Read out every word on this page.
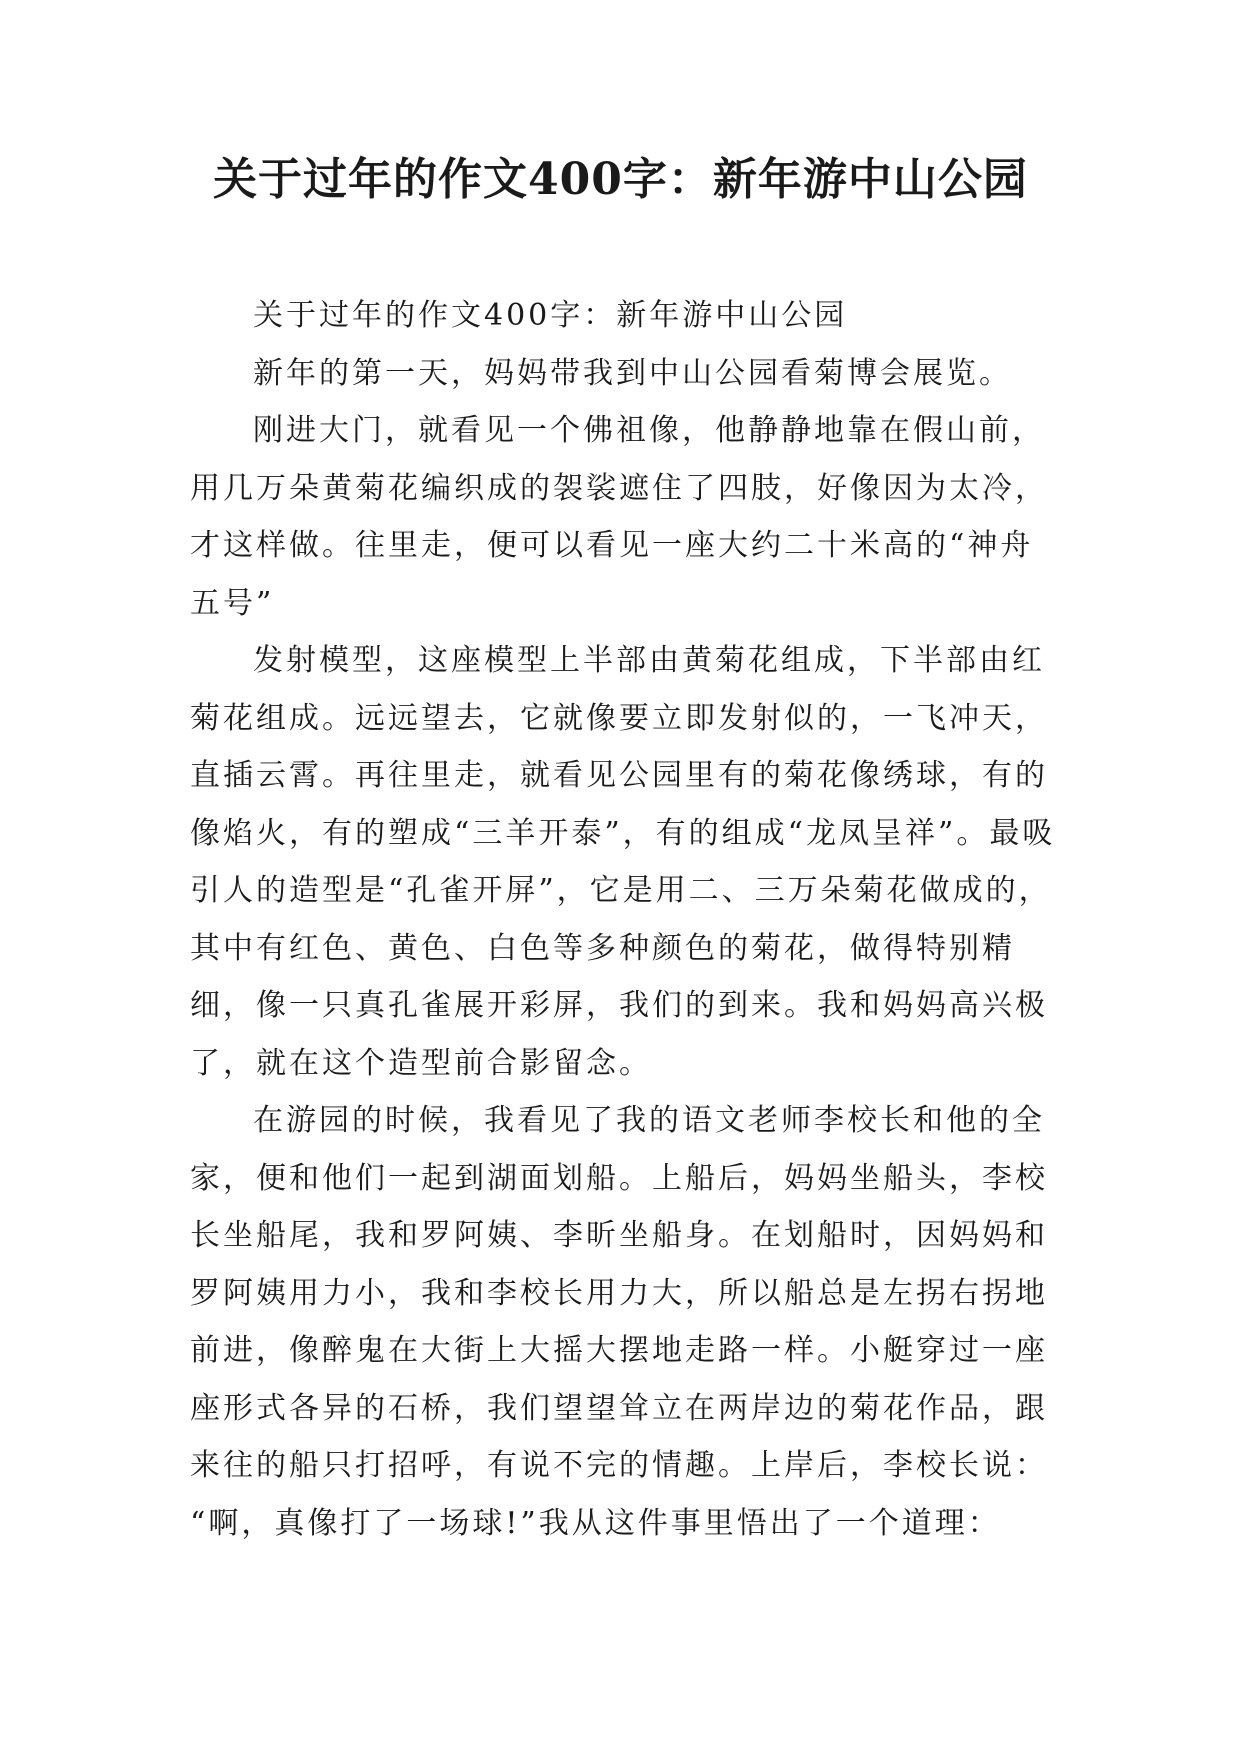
关于过年的作文400字：新年游中山公园

关于过年的作文400字：新年游中山公园

新年的第一天，妈妈带我到中山公园看菊博会展览。

刚进大门，就看见一个佛祖像，他静静地靠在假山前，用几万朵黄菊花编织成的袈裟遮住了四肢，好像因为太冷，才这样做。往里走，便可以看见一座大约二十米高的“神舟五号”

发射模型，这座模型上半部由黄菊花组成，下半部由红菊花组成。远远望去，它就像要立即发射似的，一飞冲天，直插云霄。再往里走，就看见公园里有的菊花像绣球，有的像焰火，有的塑成“三羊开泰”，有的组成“龙凤呈祥”。最吸引人的造型是“孔雀开屏”，它是用二、三万朵菊花做成的，其中有红色、黄色、白色等多种颜色的菊花，做得特别精细，像一只真孔雀展开彩屏，我们的到来。我和妈妈高兴极了，就在这个造型前合影留念。

在游园的时候，我看见了我的语文老师李校长和他的全家，便和他们一起到湖面划船。上船后，妈妈坐船头，李校长坐船尾，我和罗阿姨、李昕坐船身。在划船时，因妈妈和罗阿姨用力小，我和李校长用力大，所以船总是左拐右拐地前进，像醉鬼在大街上大摇大摆地走路一样。小艇穿过一座座形式各异的石桥，我们望望耸立在两岸边的菊花作品，跟来往的船只打招呼，有说不完的情趣。上岸后，李校长说：

“啊，真像打了一场球!”我从这件事里悟出了一个道理：
